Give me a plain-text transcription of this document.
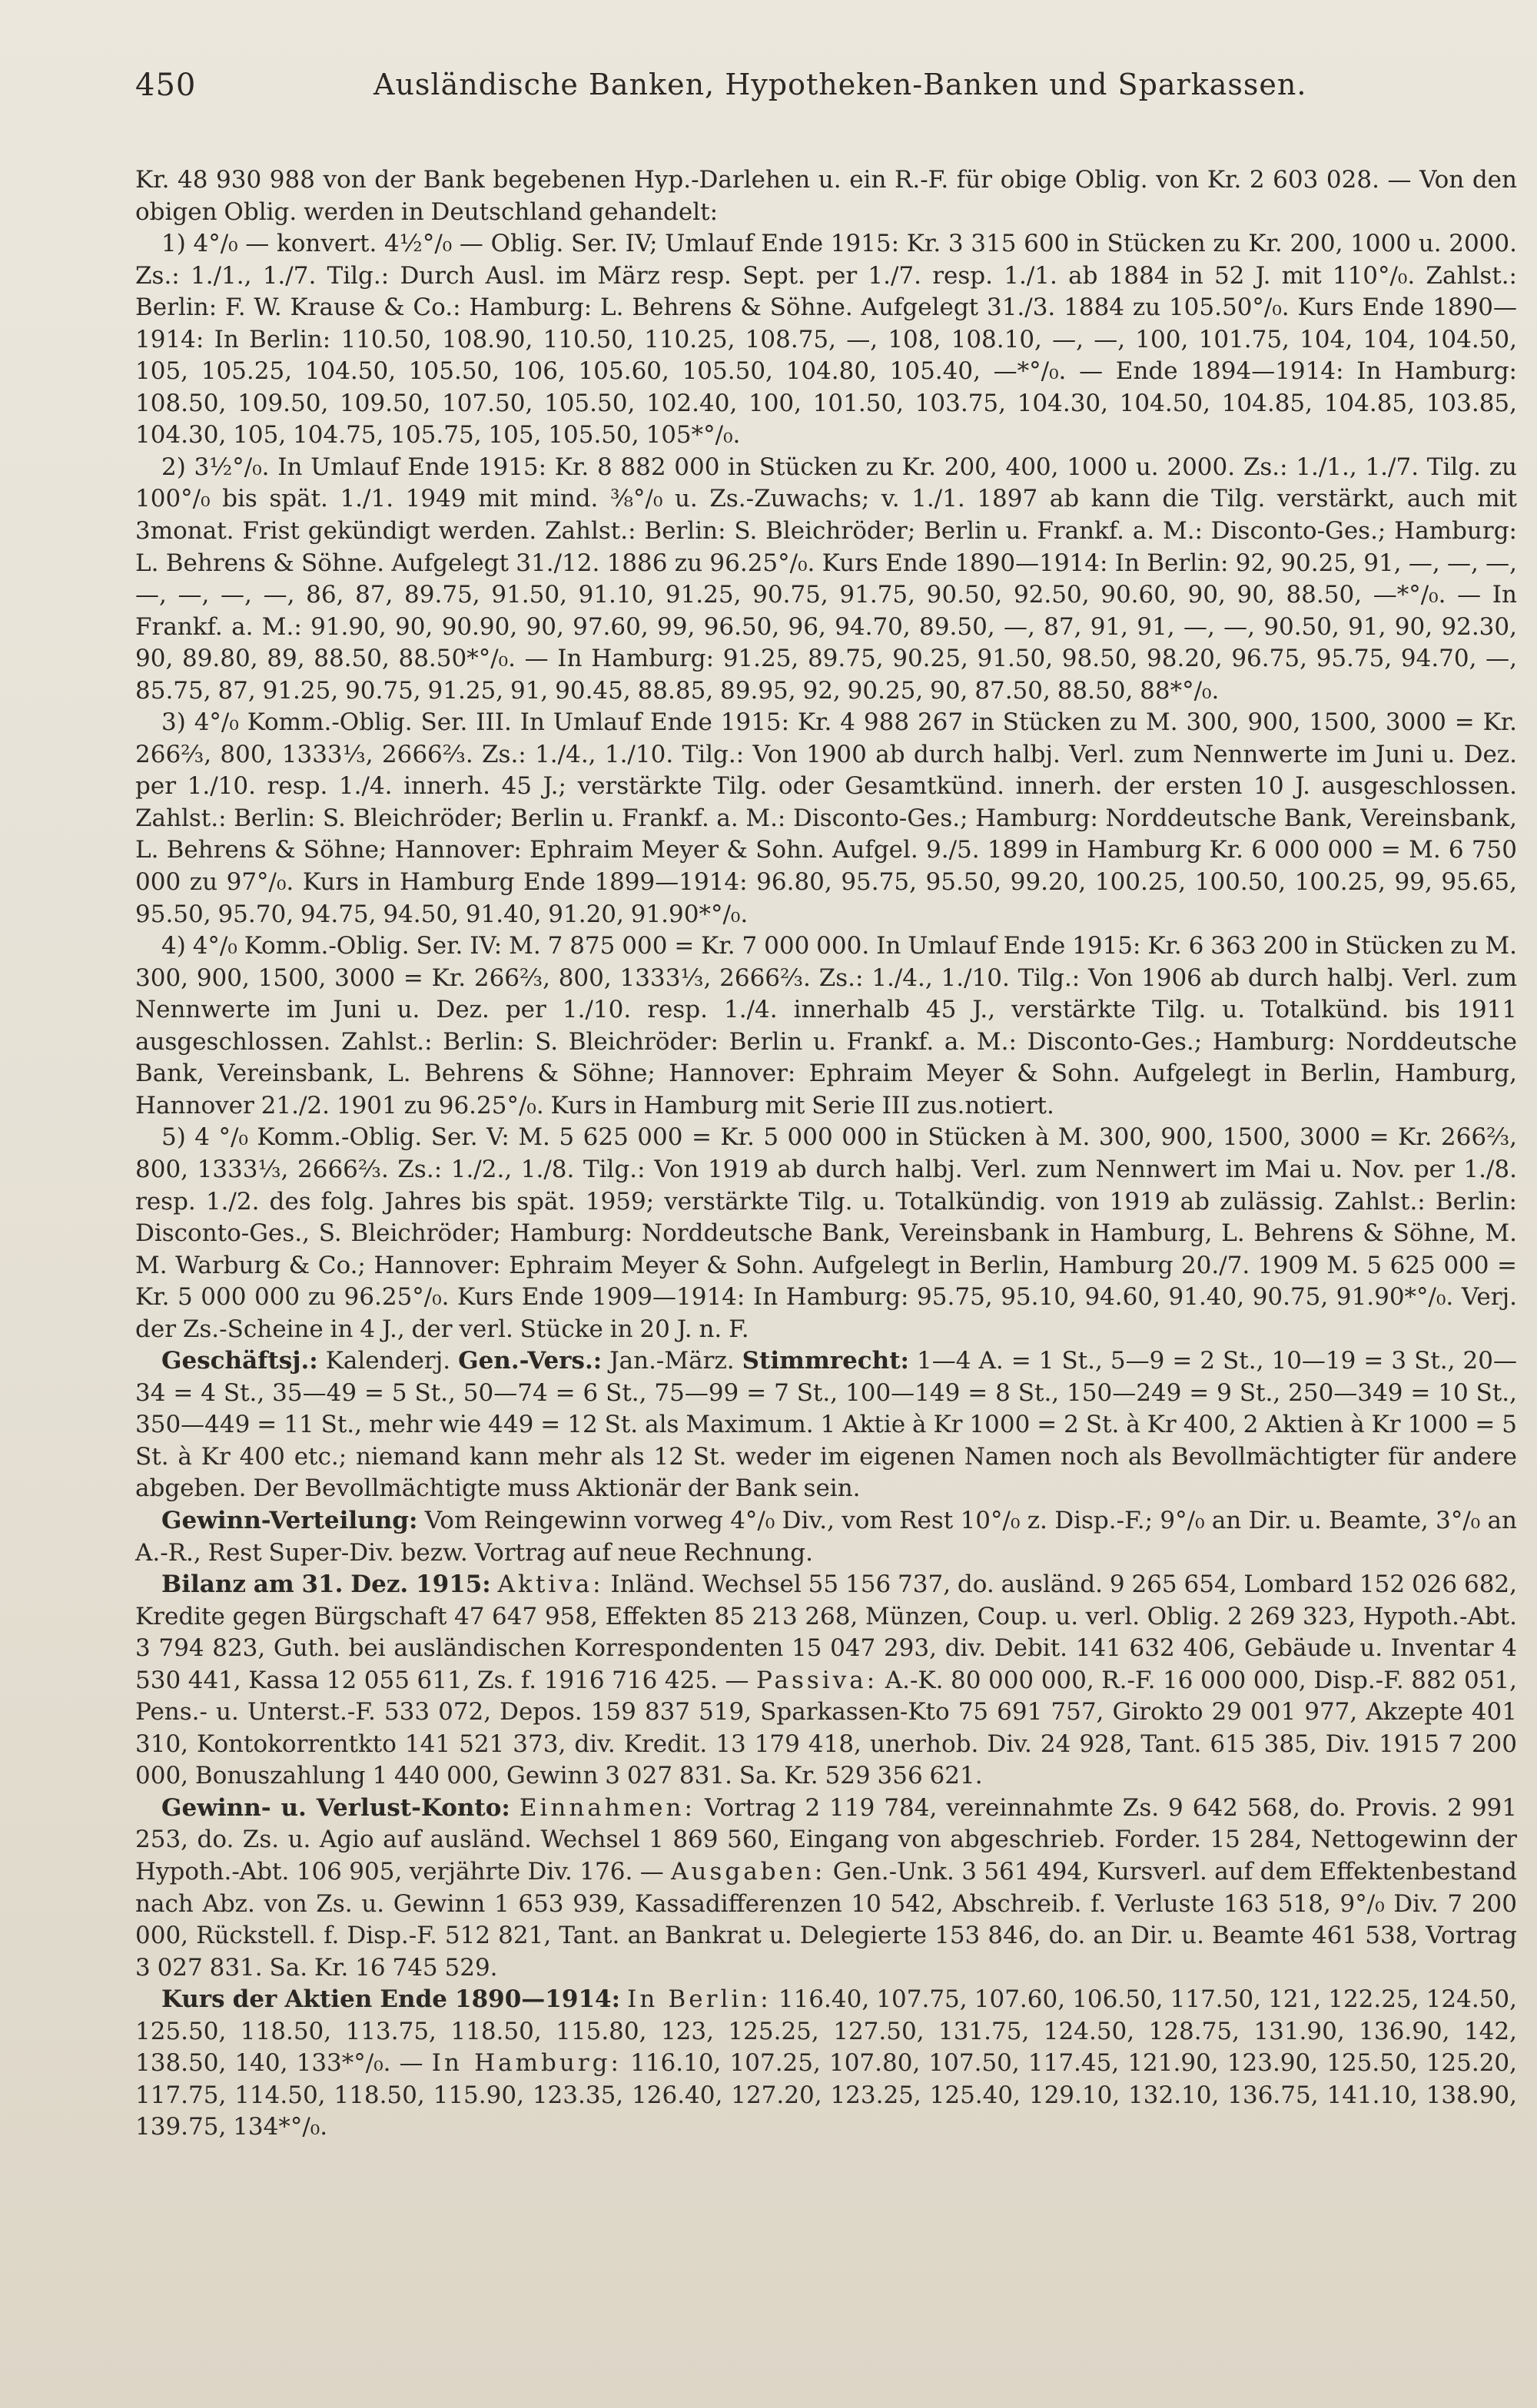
450	Ausländische Banken, Hypotheken-Banken und Sparkassen.

Kr. 48 930 988 von der Bank begebenen Hyp.-Darlehen u. ein R.-F. für obige Oblig. von Kr. 2 603 028. — Von den obigen Oblig. werden in Deutschland gehandelt:

1) 4°/₀ — konvert. 4½°/₀ — Oblig. Ser. IV; Umlauf Ende 1915: Kr. 3 315 600 in Stücken zu Kr. 200, 1000 u. 2000. Zs.: 1./1., 1./7. Tilg.: Durch Ausl. im März resp. Sept. per 1./7. resp. 1./1. ab 1884 in 52 J. mit 110°/₀. Zahlst.: Berlin: F. W. Krause & Co.: Hamburg: L. Behrens & Söhne. Aufgelegt 31./3. 1884 zu 105.50°/₀. Kurs Ende 1890—1914: In Berlin: 110.50, 108.90, 110.50, 110.25, 108.75, —, 108, 108.10, —, —, 100, 101.75, 104, 104, 104.50, 105, 105.25, 104.50, 105.50, 106, 105.60, 105.50, 104.80, 105.40, —*°/₀. — Ende 1894—1914: In Hamburg: 108.50, 109.50, 109.50, 107.50, 105.50, 102.40, 100, 101.50, 103.75, 104.30, 104.50, 104.85, 104.85, 103.85, 104.30, 105, 104.75, 105.75, 105, 105.50, 105*°/₀.

2) 3½°/₀. In Umlauf Ende 1915: Kr. 8 882 000 in Stücken zu Kr. 200, 400, 1000 u. 2000. Zs.: 1./1., 1./7. Tilg. zu 100°/₀ bis spät. 1./1. 1949 mit mind. ⅜°/₀ u. Zs.-Zuwachs; v. 1./1. 1897 ab kann die Tilg. verstärkt, auch mit 3monat. Frist gekündigt werden. Zahlst.: Berlin: S. Bleichröder; Berlin u. Frankf. a. M.: Disconto-Ges.; Hamburg: L. Behrens & Söhne. Aufgelegt 31./12. 1886 zu 96.25°/₀. Kurs Ende 1890—1914: In Berlin: 92, 90.25, 91, —, —, —, —, —, —, —, 86, 87, 89.75, 91.50, 91.10, 91.25, 90.75, 91.75, 90.50, 92.50, 90.60, 90, 90, 88.50, —*°/₀. — In Frankf. a. M.: 91.90, 90, 90.90, 90, 97.60, 99, 96.50, 96, 94.70, 89.50, —, 87, 91, 91, —, —, 90.50, 91, 90, 92.30, 90, 89.80, 89, 88.50, 88.50*°/₀. — In Hamburg: 91.25, 89.75, 90.25, 91.50, 98.50, 98.20, 96.75, 95.75, 94.70, —, 85.75, 87, 91.25, 90.75, 91.25, 91, 90.45, 88.85, 89.95, 92, 90.25, 90, 87.50, 88.50, 88*°/₀.

3) 4°/₀ Komm.-Oblig. Ser. III. In Umlauf Ende 1915: Kr. 4 988 267 in Stücken zu M. 300, 900, 1500, 3000 = Kr. 266⅔, 800, 1333⅓, 2666⅔. Zs.: 1./4., 1./10. Tilg.: Von 1900 ab durch halbj. Verl. zum Nennwerte im Juni u. Dez. per 1./10. resp. 1./4. innerh. 45 J.; verstärkte Tilg. oder Gesamtkünd. innerh. der ersten 10 J. ausgeschlossen. Zahlst.: Berlin: S. Bleichröder; Berlin u. Frankf. a. M.: Disconto-Ges.; Hamburg: Norddeutsche Bank, Vereinsbank, L. Behrens & Söhne; Hannover: Ephraim Meyer & Sohn. Aufgel. 9./5. 1899 in Hamburg Kr. 6 000 000 = M. 6 750 000 zu 97°/₀. Kurs in Hamburg Ende 1899—1914: 96.80, 95.75, 95.50, 99.20, 100.25, 100.50, 100.25, 99, 95.65, 95.50, 95.70, 94.75, 94.50, 91.40, 91.20, 91.90*°/₀.

4) 4°/₀ Komm.-Oblig. Ser. IV: M. 7 875 000 = Kr. 7 000 000. In Umlauf Ende 1915: Kr. 6 363 200 in Stücken zu M. 300, 900, 1500, 3000 = Kr. 266⅔, 800, 1333⅓, 2666⅔. Zs.: 1./4., 1./10. Tilg.: Von 1906 ab durch halbj. Verl. zum Nennwerte im Juni u. Dez. per 1./10. resp. 1./4. innerhalb 45 J., verstärkte Tilg. u. Totalkünd. bis 1911 ausgeschlossen. Zahlst.: Berlin: S. Bleichröder: Berlin u. Frankf. a. M.: Disconto-Ges.; Hamburg: Norddeutsche Bank, Vereinsbank, L. Behrens & Söhne; Hannover: Ephraim Meyer & Sohn. Aufgelegt in Berlin, Hamburg, Hannover 21./2. 1901 zu 96.25°/₀. Kurs in Hamburg mit Serie III zus.notiert.

5) 4 °/₀ Komm.-Oblig. Ser. V: M. 5 625 000 = Kr. 5 000 000 in Stücken à M. 300, 900, 1500, 3000 = Kr. 266⅔, 800, 1333⅓, 2666⅔. Zs.: 1./2., 1./8. Tilg.: Von 1919 ab durch halbj. Verl. zum Nennwert im Mai u. Nov. per 1./8. resp. 1./2. des folg. Jahres bis spät. 1959; verstärkte Tilg. u. Totalkündig. von 1919 ab zulässig. Zahlst.: Berlin: Disconto-Ges., S. Bleichröder; Hamburg: Norddeutsche Bank, Vereinsbank in Hamburg, L. Behrens & Söhne, M. M. Warburg & Co.; Hannover: Ephraim Meyer & Sohn. Aufgelegt in Berlin, Hamburg 20./7. 1909 M. 5 625 000 = Kr. 5 000 000 zu 96.25°/₀. Kurs Ende 1909—1914: In Hamburg: 95.75, 95.10, 94.60, 91.40, 90.75, 91.90*°/₀. Verj. der Zs.-Scheine in 4 J., der verl. Stücke in 20 J. n. F.

Geschäftsj.: Kalenderj. Gen.-Vers.: Jan.-März. Stimmrecht: 1—4 A. = 1 St., 5—9 = 2 St., 10—19 = 3 St., 20—34 = 4 St., 35—49 = 5 St., 50—74 = 6 St., 75—99 = 7 St., 100—149 = 8 St., 150—249 = 9 St., 250—349 = 10 St., 350—449 = 11 St., mehr wie 449 = 12 St. als Maximum. 1 Aktie à Kr 1000 = 2 St. à Kr 400, 2 Aktien à Kr 1000 = 5 St. à Kr 400 etc.; niemand kann mehr als 12 St. weder im eigenen Namen noch als Bevollmächtigter für andere abgeben. Der Bevollmächtigte muss Aktionär der Bank sein.

Gewinn-Verteilung: Vom Reingewinn vorweg 4°/₀ Div., vom Rest 10°/₀ z. Disp.-F.; 9°/₀ an Dir. u. Beamte, 3°/₀ an A.-R., Rest Super-Div. bezw. Vortrag auf neue Rechnung.

Bilanz am 31. Dez. 1915: Aktiva: Inländ. Wechsel 55 156 737, do. ausländ. 9 265 654, Lombard 152 026 682, Kredite gegen Bürgschaft 47 647 958, Effekten 85 213 268, Münzen, Coup. u. verl. Oblig. 2 269 323, Hypoth.-Abt. 3 794 823, Guth. bei ausländischen Korrespondenten 15 047 293, div. Debit. 141 632 406, Gebäude u. Inventar 4 530 441, Kassa 12 055 611, Zs. f. 1916 716 425. — Passiva: A.-K. 80 000 000, R.-F. 16 000 000, Disp.-F. 882 051, Pens.- u. Unterst.-F. 533 072, Depos. 159 837 519, Sparkassen-Kto 75 691 757, Girokto 29 001 977, Akzepte 401 310, Kontokorrentkto 141 521 373, div. Kredit. 13 179 418, unerhob. Div. 24 928, Tant. 615 385, Div. 1915 7 200 000, Bonuszahlung 1 440 000, Gewinn 3 027 831. Sa. Kr. 529 356 621.

Gewinn- u. Verlust-Konto: Einnahmen: Vortrag 2 119 784, vereinnahmte Zs. 9 642 568, do. Provis. 2 991 253, do. Zs. u. Agio auf ausländ. Wechsel 1 869 560, Eingang von abgeschrieb. Forder. 15 284, Nettogewinn der Hypoth.-Abt. 106 905, verjährte Div. 176. — Ausgaben: Gen.-Unk. 3 561 494, Kursverl. auf dem Effektenbestand nach Abz. von Zs. u. Gewinn 1 653 939, Kassadifferenzen 10 542, Abschreib. f. Verluste 163 518, 9°/₀ Div. 7 200 000, Rückstell. f. Disp.-F. 512 821, Tant. an Bankrat u. Delegierte 153 846, do. an Dir. u. Beamte 461 538, Vortrag 3 027 831. Sa. Kr. 16 745 529.

Kurs der Aktien Ende 1890—1914: In Berlin: 116.40, 107.75, 107.60, 106.50, 117.50, 121, 122.25, 124.50, 125.50, 118.50, 113.75, 118.50, 115.80, 123, 125.25, 127.50, 131.75, 124.50, 128.75, 131.90, 136.90, 142, 138.50, 140, 133*°/₀. — In Hamburg: 116.10, 107.25, 107.80, 107.50, 117.45, 121.90, 123.90, 125.50, 125.20, 117.75, 114.50, 118.50, 115.90, 123.35, 126.40, 127.20, 123.25, 125.40, 129.10, 132.10, 136.75, 141.10, 138.90, 139.75, 134*°/₀.
